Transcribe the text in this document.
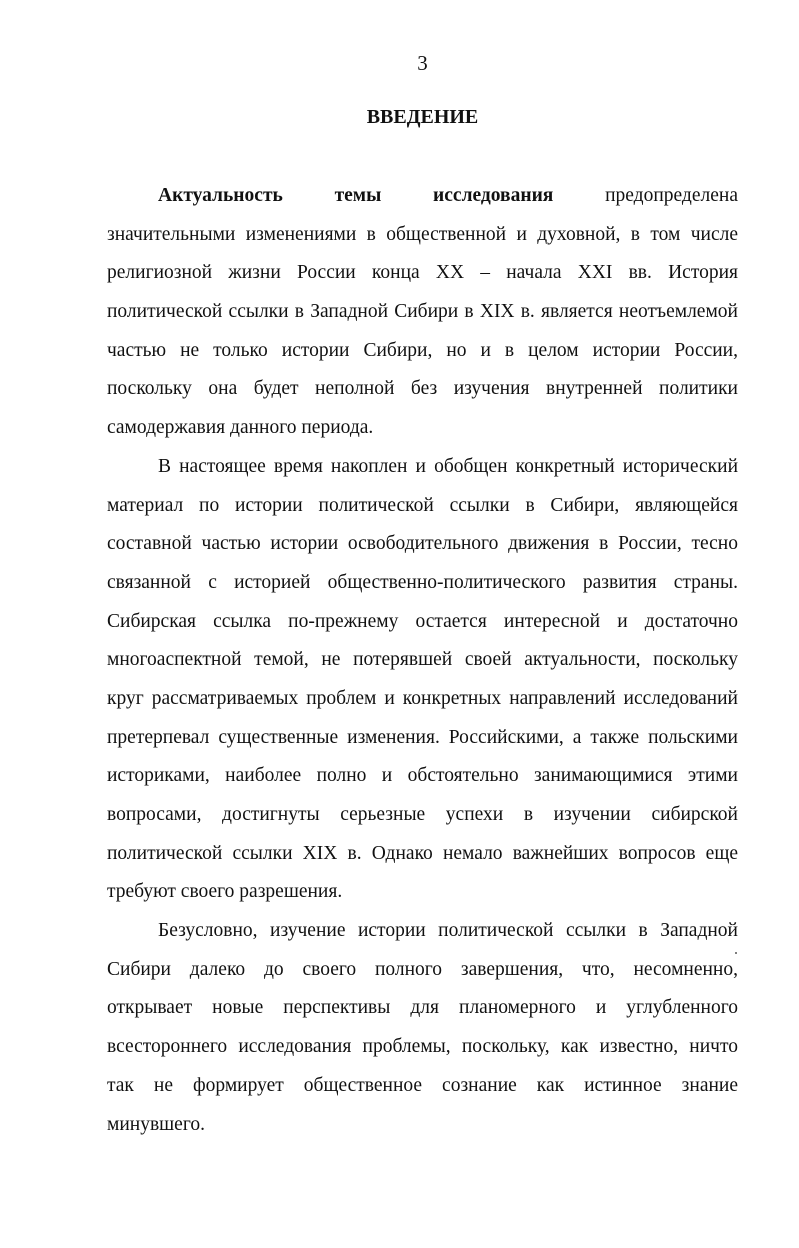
3
ВВЕДЕНИЕ
Актуальность темы исследования	предопределена
значительными изменениями в общественной и духовной, в том числе
религиозной жизни России конца XX – начала XXI вв. История
политической ссылки в Западной Сибири в XIX в. является неотъемлемой
частью не только истории Сибири, но и в целом истории России,
поскольку она будет неполной без изучения внутренней политики
самодержавия данного периода.
В настоящее время накоплен и обобщен конкретный исторический
материал по истории политической ссылки в Сибири, являющейся
составной частью истории освободительного движения в России, тесно
связанной с историей общественно-политического развития страны.
Сибирская ссылка по-прежнему остается интересной и достаточно
многоаспектной темой, не потерявшей своей актуальности, поскольку
круг рассматриваемых проблем и конкретных направлений исследований
претерпевал существенные изменения. Российскими, а также польскими
историками, наиболее полно и обстоятельно занимающимися этими
вопросами, достигнуты серьезные успехи в изучении сибирской
политической ссылки XIX в. Однако немало важнейших вопросов еще
требуют своего разрешения.
Безусловно, изучение истории политической ссылки в Западной
Сибири далеко до своего полного завершения, что, несомненно,
открывает новые перспективы для планомерного и углубленного
всестороннего исследования проблемы, поскольку, как известно, ничто
так не формирует общественное сознание как истинное знание
минувшего.
